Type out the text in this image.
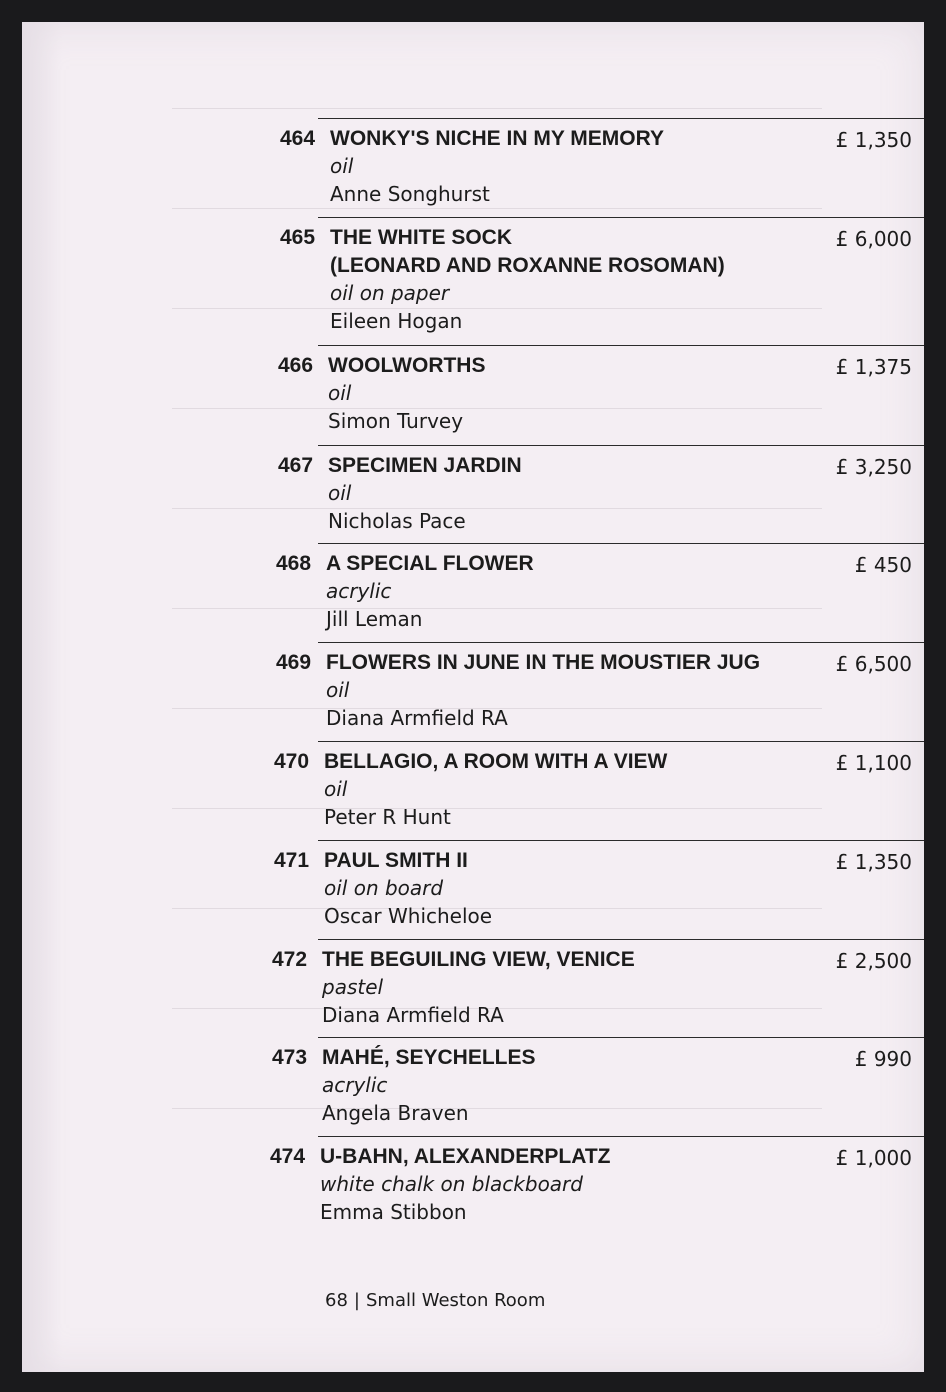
464 WONKY'S NICHE IN MY MEMORY
oil
Anne Songhurst
£ 1,350
465 THE WHITE SOCK
(LEONARD AND ROXANNE ROSOMAN)
oil on paper
Eileen Hogan
£ 6,000
466 WOOLWORTHS
oil
Simon Turvey
£ 1,375
467 SPECIMEN JARDIN
oil
Nicholas Pace
£ 3,250
468 A SPECIAL FLOWER
acrylic
Jill Leman
£ 450
469 FLOWERS IN JUNE IN THE MOUSTIER JUG
oil
Diana Armfield RA
£ 6,500
470 BELLAGIO, A ROOM WITH A VIEW
oil
Peter R Hunt
£ 1,100
471 PAUL SMITH II
oil on board
Oscar Whicheloe
£ 1,350
472 THE BEGUILING VIEW, VENICE
pastel
Diana Armfield RA
£ 2,500
473 MAHÉ, SEYCHELLES
acrylic
Angela Braven
£ 990
474 U-BAHN, ALEXANDERPLATZ
white chalk on blackboard
Emma Stibbon
£ 1,000
68 | Small Weston Room
